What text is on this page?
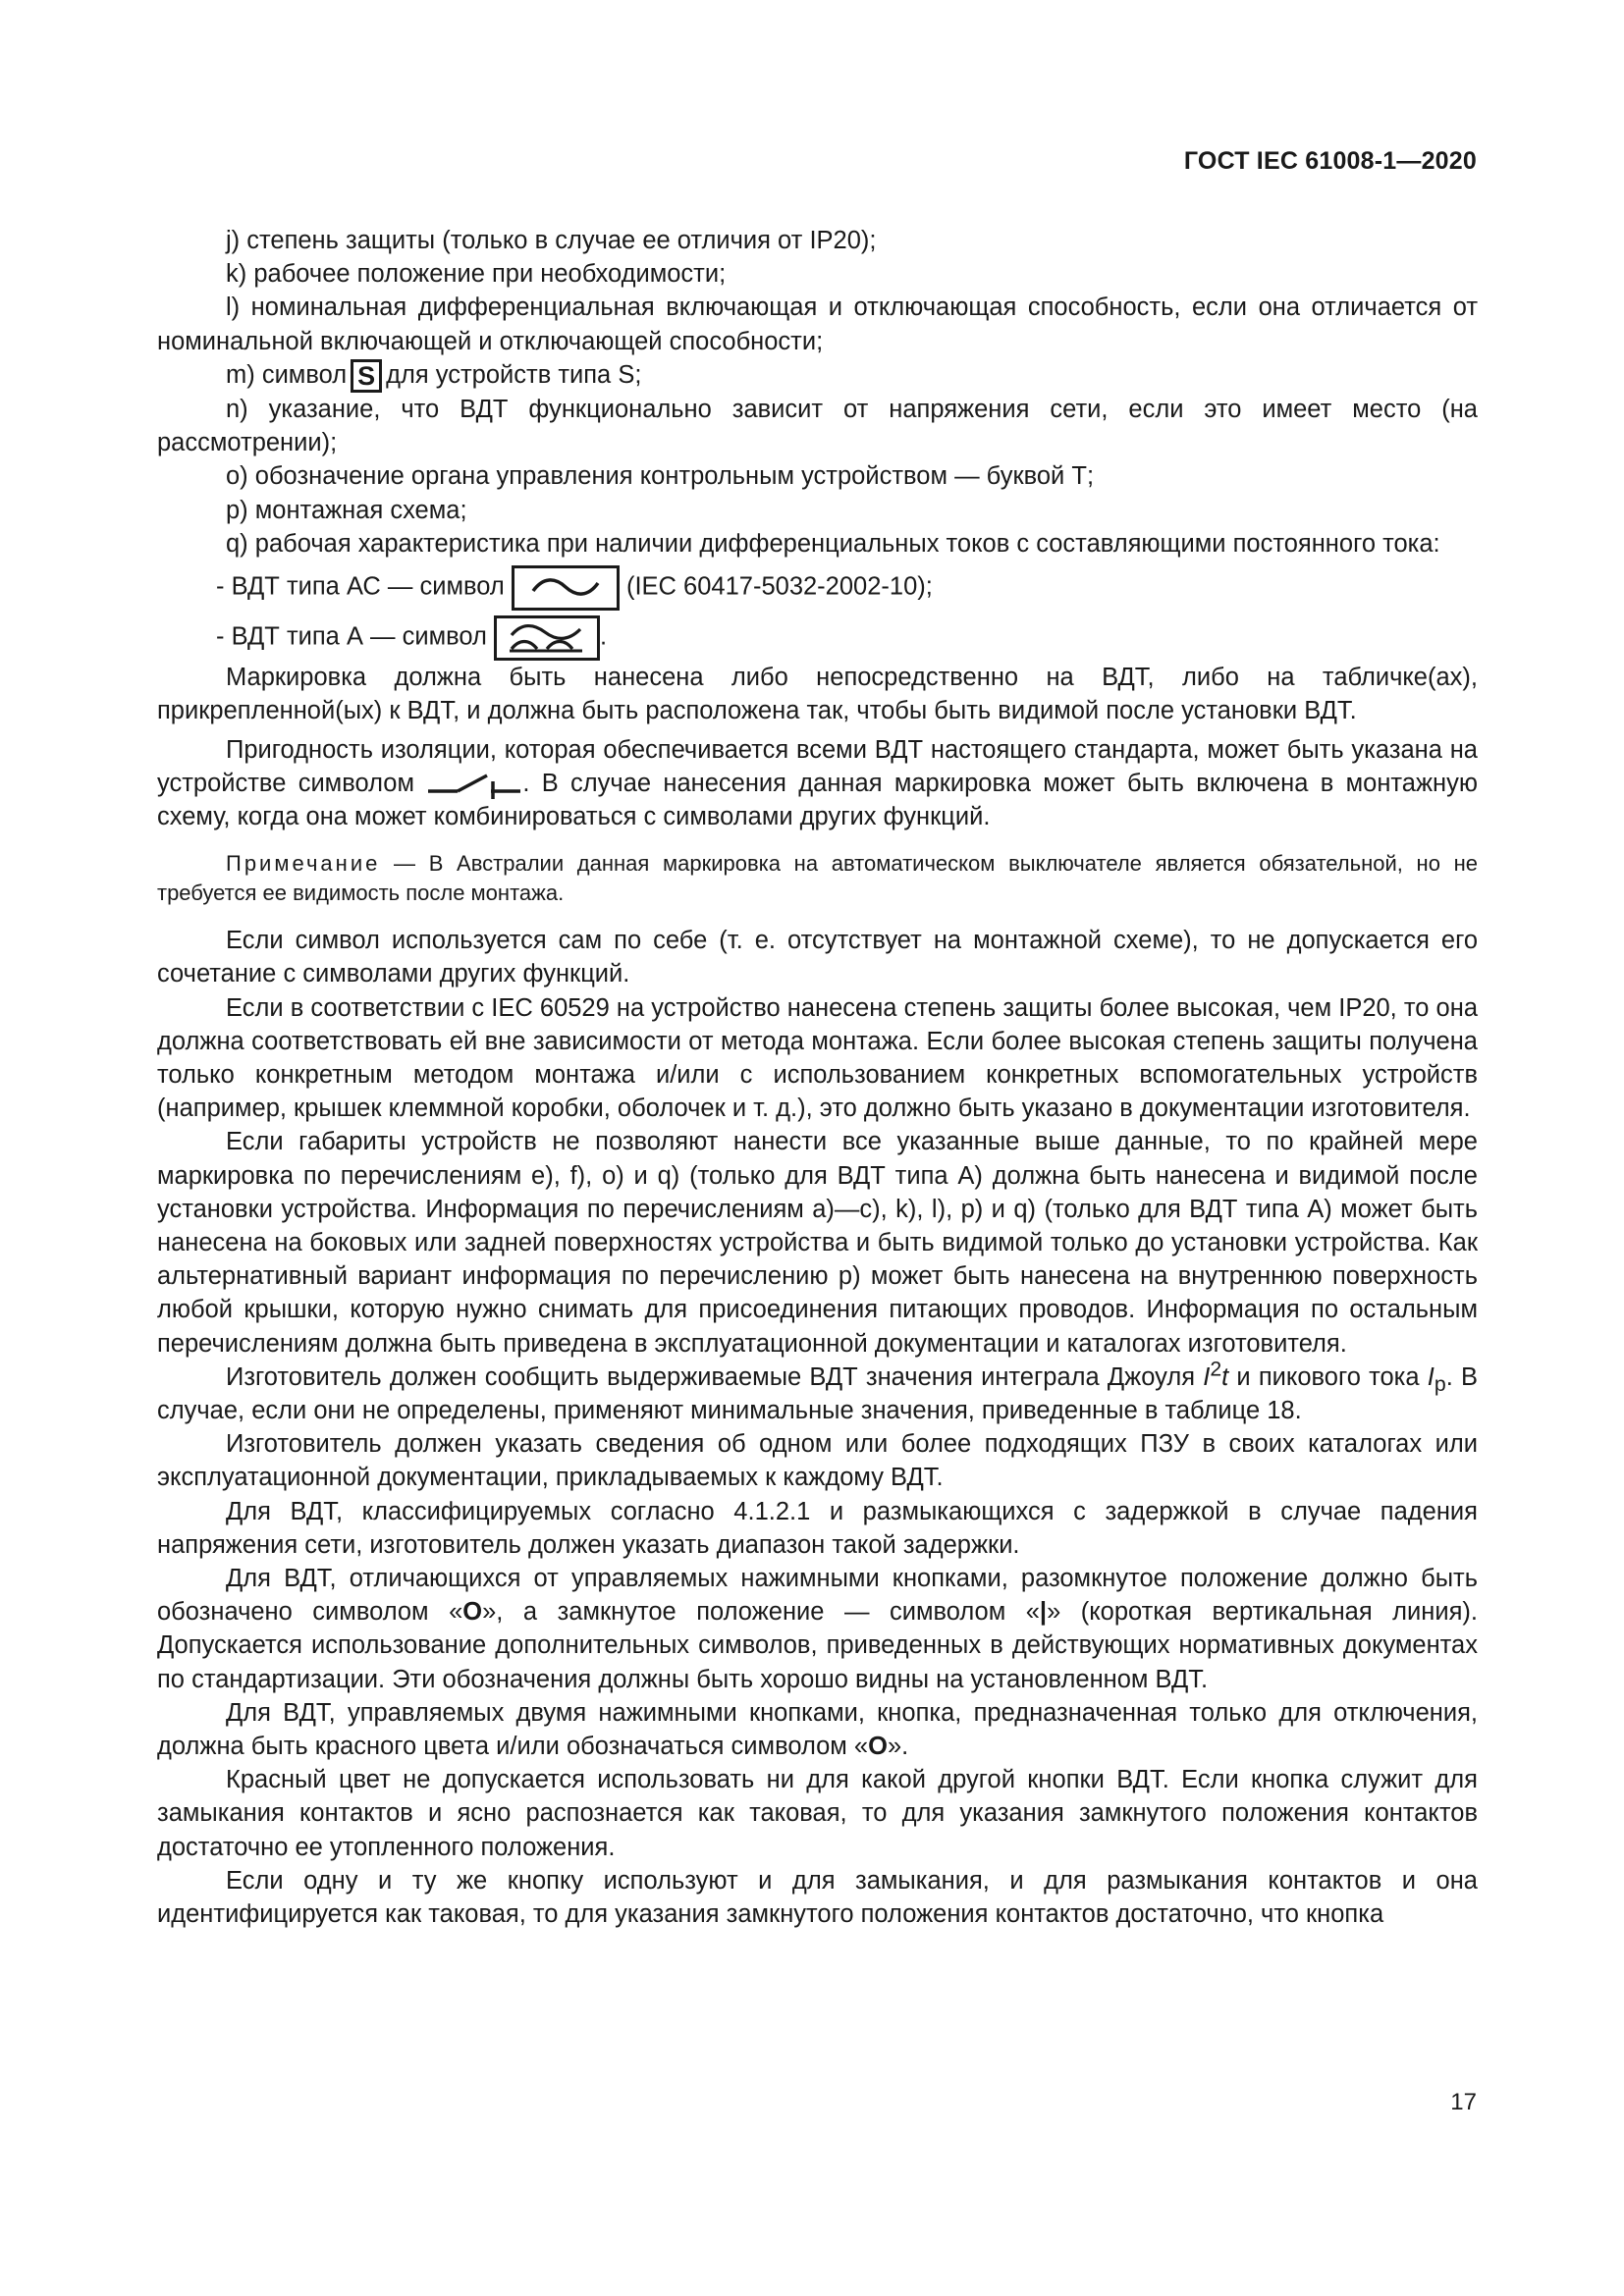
ГОСТ IEC 61008-1—2020

j) степень защиты (только в случае ее отличия от IP20);

k) рабочее положение при необходимости;

l) номинальная дифференциальная включающая и отключающая способность, если она отличается от номинальной включающей и отключающей способности;

m) символ S для устройств типа S;

n) указание, что ВДТ функционально зависит от напряжения сети, если это имеет место (на рассмотрении);

o) обозначение органа управления контрольным устройством — буквой Т;

p) монтажная схема;

q) рабочая характеристика при наличии дифференциальных токов с составляющими постоянного тока:

- ВДТ типа АС — символ	(IEC 60417-5032-2002-10);

- ВДТ типа А — символ	.

Маркировка должна быть нанесена либо непосредственно на ВДТ, либо на табличке(ах), прикрепленной(ых) к ВДТ, и должна быть расположена так, чтобы быть видимой после установки ВДТ.

Пригодность изоляции, которая обеспечивается всеми ВДТ настоящего стандарта, может быть указана на устройстве символом	. В случае нанесения данная маркировка может быть включена в монтажную схему, когда она может комбинироваться с символами других функций.

Примечание — В Австралии данная маркировка на автоматическом выключателе является обязательной, но не требуется ее видимость после монтажа.

Если символ используется сам по себе (т. е. отсутствует на монтажной схеме), то не допускается его сочетание с символами других функций.

Если в соответствии с IEC 60529 на устройство нанесена степень защиты более высокая, чем IP20, то она должна соответствовать ей вне зависимости от метода монтажа. Если более высокая степень защиты получена только конкретным методом монтажа и/или с использованием конкретных вспомогательных устройств (например, крышек клеммной коробки, оболочек и т. д.), это должно быть указано в документации изготовителя.

Если габариты устройств не позволяют нанести все указанные выше данные, то по крайней мере маркировка по перечислениям e), f), o) и q) (только для ВДТ типа А) должна быть нанесена и видимой после установки устройства. Информация по перечислениям a)—c), k), l), p) и q) (только для ВДТ типа А) может быть нанесена на боковых или задней поверхностях устройства и быть видимой только до установки устройства. Как альтернативный вариант информация по перечислению p) может быть нанесена на внутреннюю поверхность любой крышки, которую нужно снимать для присоединения питающих проводов. Информация по остальным перечислениям должна быть приведена в эксплуатационной документации и каталогах изготовителя.

Изготовитель должен сообщить выдерживаемые ВДТ значения интеграла Джоуля $I^2t$ и пикового тока $I_p$. В случае, если они не определены, применяют минимальные значения, приведенные в таблице 18.

Изготовитель должен указать сведения об одном или более подходящих ПЗУ в своих каталогах или эксплуатационной документации, прикладываемых к каждому ВДТ.

Для ВДТ, классифицируемых согласно 4.1.2.1 и размыкающихся с задержкой в случае падения напряжения сети, изготовитель должен указать диапазон такой задержки.

Для ВДТ, отличающихся от управляемых нажимными кнопками, разомкнутое положение должно быть обозначено символом «O», а замкнутое положение — символом «|» (короткая вертикальная линия). Допускается использование дополнительных символов, приведенных в действующих нормативных документах по стандартизации. Эти обозначения должны быть хорошо видны на установленном ВДТ.

Для ВДТ, управляемых двумя нажимными кнопками, кнопка, предназначенная только для отключения, должна быть красного цвета и/или обозначаться символом «O».

Красный цвет не допускается использовать ни для какой другой кнопки ВДТ. Если кнопка служит для замыкания контактов и ясно распознается как таковая, то для указания замкнутого положения контактов достаточно ее утопленного положения.

Если одну и ту же кнопку используют и для замыкания, и для размыкания контактов и она идентифицируется как таковая, то для указания замкнутого положения контактов достаточно, что кнопка

17
